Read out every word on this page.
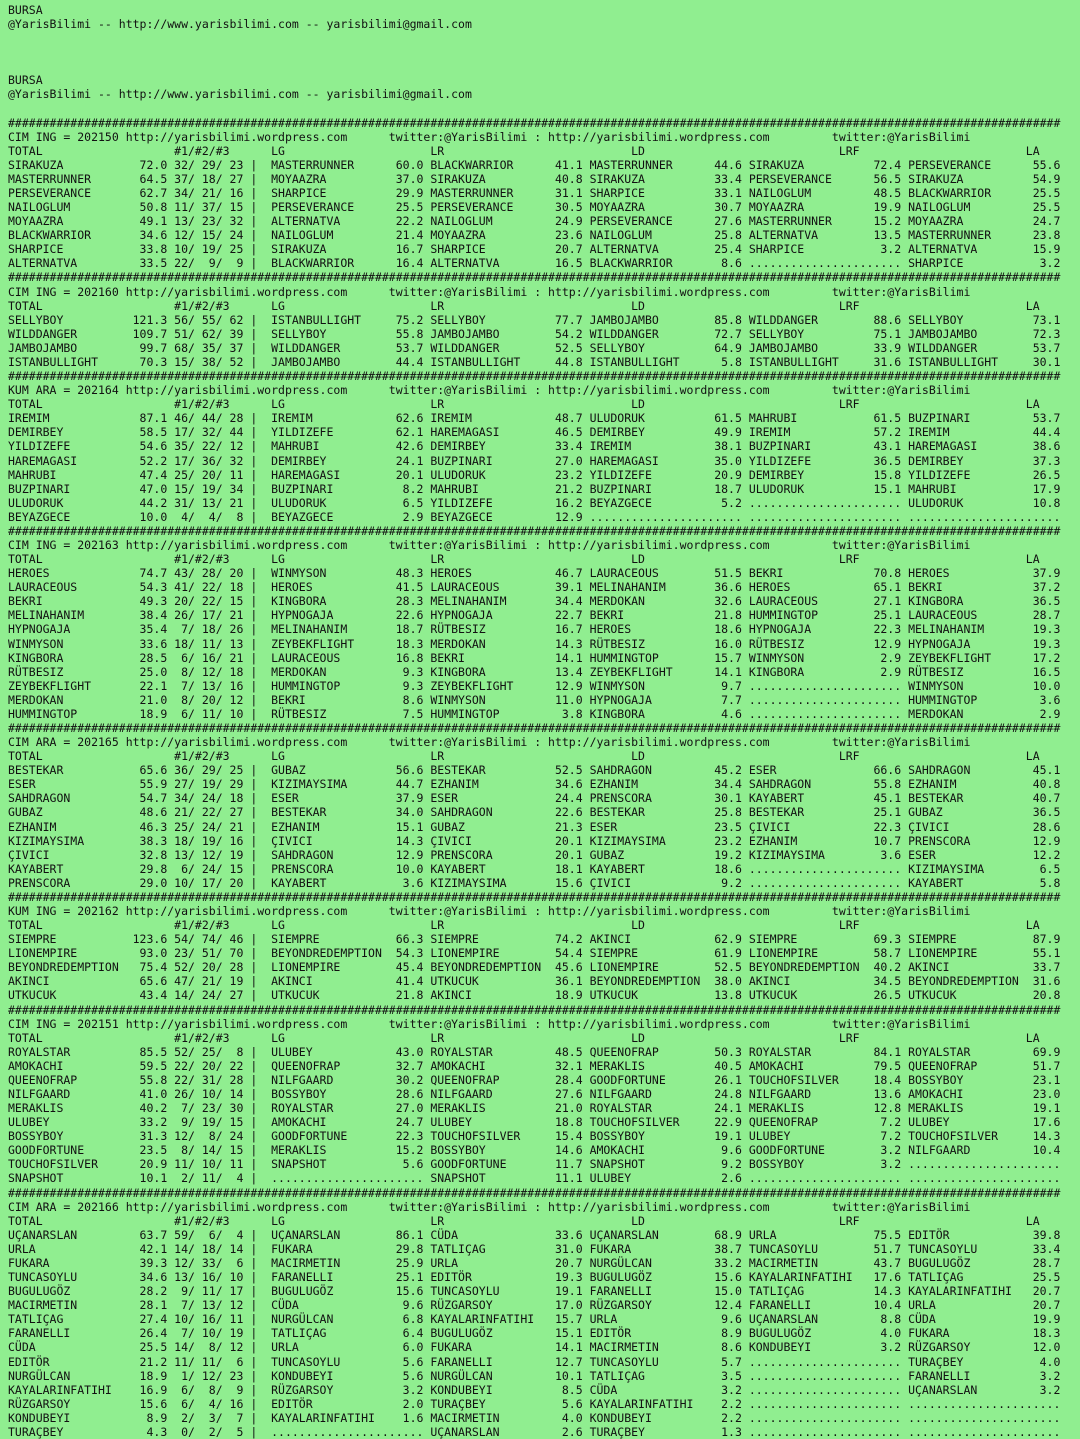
BURSA
@YarisBilimi -- http://www.yarisbilimi.com -- yarisbilimi@gmail.com
BURSA
@YarisBilimi -- http://www.yarisbilimi.com -- yarisbilimi@gmail.com
########################################################################################################################################################
CIM ING = 202150 http://yarisbilimi.wordpress.com      twitter:@YarisBilimi : http://yarisbilimi.wordpress.com         twitter:@YarisBilimi
TOTAL                   #1/#2/#3      LG                     LR                           LD                            LRF                        LA
SIRAKUZA           72.0 32/ 29/ 23 |  MASTERRUNNER      60.0 BLACKWARRIOR      41.1 MASTERRUNNER      44.6 SIRAKUZA          72.4 PERSEVERANCE      55.6
MASTERRUNNER       64.5 37/ 18/ 27 |  MOYAAZRA          37.0 SIRAKUZA          40.8 SIRAKUZA          33.4 PERSEVERANCE      56.5 SIRAKUZA          54.9
PERSEVERANCE       62.7 34/ 21/ 16 |  SHARPICE          29.9 MASTERRUNNER      31.1 SHARPICE          33.1 NAILOGLUM         48.5 BLACKWARRIOR      25.5
NAILOGLUM          50.8 11/ 37/ 15 |  PERSEVERANCE      25.5 PERSEVERANCE      30.5 MOYAAZRA          30.7 MOYAAZRA          19.9 NAILOGLUM         25.5
MOYAAZRA           49.1 13/ 23/ 32 |  ALTERNATVA        22.2 NAILOGLUM         24.9 PERSEVERANCE      27.6 MASTERRUNNER      15.2 MOYAAZRA          24.7
BLACKWARRIOR       34.6 12/ 15/ 24 |  NAILOGLUM         21.4 MOYAAZRA          23.6 NAILOGLUM         25.8 ALTERNATVA        13.5 MASTERRUNNER      23.8
SHARPICE           33.8 10/ 19/ 25 |  SIRAKUZA          16.7 SHARPICE          20.7 ALTERNATVA        25.4 SHARPICE           3.2 ALTERNATVA        15.9
ALTERNATVA         33.5 22/  9/  9 |  BLACKWARRIOR      16.4 ALTERNATVA        16.5 BLACKWARRIOR       8.6 ...................... SHARPICE           3.2
########################################################################################################################################################
CIM ING = 202160 http://yarisbilimi.wordpress.com      twitter:@YarisBilimi : http://yarisbilimi.wordpress.com         twitter:@YarisBilimi
TOTAL                   #1/#2/#3      LG                     LR                           LD                            LRF                        LA
SELLYBOY          121.3 56/ 55/ 62 |  ISTANBULLIGHT     75.2 SELLYBOY          77.7 JAMBOJAMBO        85.8 WILDDANGER        88.6 SELLYBOY          73.1
WILDDANGER        109.7 51/ 62/ 39 |  SELLYBOY          55.8 JAMBOJAMBO        54.2 WILDDANGER        72.7 SELLYBOY          75.1 JAMBOJAMBO        72.3
JAMBOJAMBO         99.7 68/ 35/ 37 |  WILDDANGER        53.7 WILDDANGER        52.5 SELLYBOY          64.9 JAMBOJAMBO        33.9 WILDDANGER        53.7
ISTANBULLIGHT      70.3 15/ 38/ 52 |  JAMBOJAMBO        44.4 ISTANBULLIGHT     44.8 ISTANBULLIGHT      5.8 ISTANBULLIGHT     31.6 ISTANBULLIGHT     30.1
########################################################################################################################################################
KUM ARA = 202164 http://yarisbilimi.wordpress.com      twitter:@YarisBilimi : http://yarisbilimi.wordpress.com         twitter:@YarisBilimi
TOTAL                   #1/#2/#3      LG                     LR                           LD                            LRF                        LA
IREMIM             87.1 46/ 44/ 28 |  IREMIM            62.6 IREMIM            48.7 ULUDORUK          61.5 MAHRUBI           61.5 BUZPINARI         53.7
DEMIRBEY           58.5 17/ 32/ 44 |  YILDIZEFE         62.1 HAREMAGASI        46.5 DEMIRBEY          49.9 IREMIM            57.2 IREMIM            44.4
YILDIZEFE          54.6 35/ 22/ 12 |  MAHRUBI           42.6 DEMIRBEY          33.4 IREMIM            38.1 BUZPINARI         43.1 HAREMAGASI        38.6
HAREMAGASI         52.2 17/ 36/ 32 |  DEMIRBEY          24.1 BUZPINARI         27.0 HAREMAGASI        35.0 YILDIZEFE         36.5 DEMIRBEY          37.3
MAHRUBI            47.4 25/ 20/ 11 |  HAREMAGASI        20.1 ULUDORUK          23.2 YILDIZEFE         20.9 DEMIRBEY          15.8 YILDIZEFE         26.5
BUZPINARI          47.0 15/ 19/ 34 |  BUZPINARI          8.2 MAHRUBI           21.2 BUZPINARI         18.7 ULUDORUK          15.1 MAHRUBI           17.9
ULUDORUK           44.2 31/ 13/ 21 |  ULUDORUK           6.5 YILDIZEFE         16.2 BEYAZGECE          5.2 ...................... ULUDORUK          10.8
BEYAZGECE          10.0  4/  4/  8 |  BEYAZGECE          2.9 BEYAZGECE         12.9 ...................... ...................... ......................
########################################################################################################################################################
CIM ING = 202163 http://yarisbilimi.wordpress.com      twitter:@YarisBilimi : http://yarisbilimi.wordpress.com         twitter:@YarisBilimi
TOTAL                   #1/#2/#3      LG                     LR                           LD                            LRF                        LA
HEROES             74.7 43/ 28/ 20 |  WINMYSON          48.3 HEROES            46.7 LAURACEOUS        51.5 BEKRI             70.8 HEROES            37.9
LAURACEOUS         54.3 41/ 22/ 18 |  HEROES            41.5 LAURACEOUS        39.1 MELINAHANIM       36.6 HEROES            65.1 BEKRI             37.2
BEKRI              49.3 20/ 22/ 15 |  KINGBORA          28.3 MELINAHANIM       34.4 MERDOKAN          32.6 LAURACEOUS        27.1 KINGBORA          36.5
MELINAHANIM        38.4 26/ 17/ 21 |  HYPNOGAJA         22.6 HYPNOGAJA         22.7 BEKRI             21.8 HUMMINGTOP        25.1 LAURACEOUS        28.7
HYPNOGAJA          35.4  7/ 18/ 26 |  MELINAHANIM       18.7 RÜTBESIZ          16.7 HEROES            18.6 HYPNOGAJA         22.3 MELINAHANIM       19.3
WINMYSON           33.6 18/ 11/ 13 |  ZEYBEKFLIGHT      18.3 MERDOKAN          14.3 RÜTBESIZ          16.0 RÜTBESIZ          12.9 HYPNOGAJA         19.3
KINGBORA           28.5  6/ 16/ 21 |  LAURACEOUS        16.8 BEKRI             14.1 HUMMINGTOP        15.7 WINMYSON           2.9 ZEYBEKFLIGHT      17.2
RÜTBESIZ           25.0  8/ 12/ 18 |  MERDOKAN           9.3 KINGBORA          13.4 ZEYBEKFLIGHT      14.1 KINGBORA           2.9 RÜTBESIZ          16.5
ZEYBEKFLIGHT       22.1  7/ 13/ 16 |  HUMMINGTOP         9.3 ZEYBEKFLIGHT      12.9 WINMYSON           9.7 ...................... WINMYSON          10.0
MERDOKAN           21.0  8/ 20/ 12 |  BEKRI              8.6 WINMYSON          11.0 HYPNOGAJA          7.7 ...................... HUMMINGTOP         3.6
HUMMINGTOP         18.9  6/ 11/ 10 |  RÜTBESIZ           7.5 HUMMINGTOP         3.8 KINGBORA           4.6 ...................... MERDOKAN           2.9
########################################################################################################################################################
CIM ARA = 202165 http://yarisbilimi.wordpress.com      twitter:@YarisBilimi : http://yarisbilimi.wordpress.com         twitter:@YarisBilimi
TOTAL                   #1/#2/#3      LG                     LR                           LD                            LRF                        LA
BESTEKAR           65.6 36/ 29/ 25 |  GUBAZ             56.6 BESTEKAR          52.5 SAHDRAGON         45.2 ESER              66.6 SAHDRAGON         45.1
ESER               55.9 27/ 19/ 29 |  KIZIMAYSIMA       44.7 EZHANIM           34.6 EZHANIM           34.4 SAHDRAGON         55.8 EZHANIM           40.8
SAHDRAGON          54.7 34/ 24/ 18 |  ESER              37.9 ESER              24.4 PRENSCORA         30.1 KAYABERT          45.1 BESTEKAR          40.7
GUBAZ              48.6 21/ 22/ 27 |  BESTEKAR          34.0 SAHDRAGON         22.6 BESTEKAR          25.8 BESTEKAR          25.1 GUBAZ             36.5
EZHANIM            46.3 25/ 24/ 21 |  EZHANIM           15.1 GUBAZ             21.3 ESER              23.5 ÇIVICI            22.3 ÇIVICI            28.6
KIZIMAYSIMA        38.3 18/ 19/ 16 |  ÇIVICI            14.3 ÇIVICI            20.1 KIZIMAYSIMA       23.2 EZHANIM           10.7 PRENSCORA         12.9
ÇIVICI             32.8 13/ 12/ 19 |  SAHDRAGON         12.9 PRENSCORA         20.1 GUBAZ             19.2 KIZIMAYSIMA        3.6 ESER              12.2
KAYABERT           29.8  6/ 24/ 15 |  PRENSCORA         10.0 KAYABERT          18.1 KAYABERT          18.6 ...................... KIZIMAYSIMA        6.5
PRENSCORA          29.0 10/ 17/ 20 |  KAYABERT           3.6 KIZIMAYSIMA       15.6 ÇIVICI             9.2 ...................... KAYABERT           5.8
########################################################################################################################################################
KUM ING = 202162 http://yarisbilimi.wordpress.com      twitter:@YarisBilimi : http://yarisbilimi.wordpress.com         twitter:@YarisBilimi
TOTAL                   #1/#2/#3      LG                     LR                           LD                            LRF                        LA
SIEMPRE           123.6 54/ 74/ 46 |  SIEMPRE           66.3 SIEMPRE           74.2 AKINCI            62.9 SIEMPRE           69.3 SIEMPRE           87.9
LIONEMPIRE         93.0 23/ 51/ 70 |  BEYONDREDEMPTION  54.3 LIONEMPIRE        54.4 SIEMPRE           61.9 LIONEMPIRE        58.7 LIONEMPIRE        55.1
BEYONDREDEMPTION   75.4 52/ 20/ 28 |  LIONEMPIRE        45.4 BEYONDREDEMPTION  45.6 LIONEMPIRE        52.5 BEYONDREDEMPTION  40.2 AKINCI            33.7
AKINCI             65.6 47/ 21/ 19 |  AKINCI            41.4 UTKUCUK           36.1 BEYONDREDEMPTION  38.0 AKINCI            34.5 BEYONDREDEMPTION  31.6
UTKUCUK            43.4 14/ 24/ 27 |  UTKUCUK           21.8 AKINCI            18.9 UTKUCUK           13.8 UTKUCUK           26.5 UTKUCUK           20.8
########################################################################################################################################################
CIM ING = 202151 http://yarisbilimi.wordpress.com      twitter:@YarisBilimi : http://yarisbilimi.wordpress.com         twitter:@YarisBilimi
TOTAL                   #1/#2/#3      LG                     LR                           LD                            LRF                        LA
ROYALSTAR          85.5 52/ 25/  8 |  ULUBEY            43.0 ROYALSTAR         48.5 QUEENOFRAP        50.3 ROYALSTAR         84.1 ROYALSTAR         69.9
AMOKACHI           59.5 22/ 20/ 22 |  QUEENOFRAP        32.7 AMOKACHI          32.1 MERAKLIS          40.5 AMOKACHI          79.5 QUEENOFRAP        51.7
QUEENOFRAP         55.8 22/ 31/ 28 |  NILFGAARD         30.2 QUEENOFRAP        28.4 GOODFORTUNE       26.1 TOUCHOFSILVER     18.4 BOSSYBOY          23.1
NILFGAARD          41.0 26/ 10/ 14 |  BOSSYBOY          28.6 NILFGAARD         27.6 NILFGAARD         24.8 NILFGAARD         13.6 AMOKACHI          23.0
MERAKLIS           40.2  7/ 23/ 30 |  ROYALSTAR         27.0 MERAKLIS          21.0 ROYALSTAR         24.1 MERAKLIS          12.8 MERAKLIS          19.1
ULUBEY             33.2  9/ 19/ 15 |  AMOKACHI          24.7 ULUBEY            18.8 TOUCHOFSILVER     22.9 QUEENOFRAP         7.2 ULUBEY            17.6
BOSSYBOY           31.3 12/  8/ 24 |  GOODFORTUNE       22.3 TOUCHOFSILVER     15.4 BOSSYBOY          19.1 ULUBEY             7.2 TOUCHOFSILVER     14.3
GOODFORTUNE        23.5  8/ 14/ 15 |  MERAKLIS          15.2 BOSSYBOY          14.6 AMOKACHI           9.6 GOODFORTUNE        3.2 NILFGAARD         10.4
TOUCHOFSILVER      20.9 11/ 10/ 11 |  SNAPSHOT           5.6 GOODFORTUNE       11.7 SNAPSHOT           9.2 BOSSYBOY           3.2 ......................
SNAPSHOT           10.1  2/ 11/  4 |  ...................... SNAPSHOT          11.1 ULUBEY             2.6 ...................... ......................
########################################################################################################################################################
CIM ARA = 202166 http://yarisbilimi.wordpress.com      twitter:@YarisBilimi : http://yarisbilimi.wordpress.com         twitter:@YarisBilimi
TOTAL                   #1/#2/#3      LG                     LR                           LD                            LRF                        LA
UÇANARSLAN         63.7 59/  6/  4 |  UÇANARSLAN        86.1 CÜDA              33.6 UÇANARSLAN        68.9 URLA              75.5 EDITÖR            39.8
URLA               42.1 14/ 18/ 14 |  FUKARA            29.8 TATLIÇAG          31.0 FUKARA            38.7 TUNCASOYLU        51.7 TUNCASOYLU        33.4
FUKARA             39.3 12/ 33/  6 |  MACIRMETIN        25.9 URLA              20.7 NURGÜLCAN         33.2 MACIRMETIN        43.7 BUGULUGÖZ         28.7
TUNCASOYLU         34.6 13/ 16/ 10 |  FARANELLI         25.1 EDITÖR            19.3 BUGULUGÖZ         15.6 KAYALARINFATIHI   17.6 TATLIÇAG          25.5
BUGULUGÖZ          28.2  9/ 11/ 17 |  BUGULUGÖZ         15.6 TUNCASOYLU        19.1 FARANELLI         15.0 TATLIÇAG          14.3 KAYALARINFATIHI   20.7
MACIRMETIN         28.1  7/ 13/ 12 |  CÜDA               9.6 RÜZGARSOY         17.0 RÜZGARSOY         12.4 FARANELLI         10.4 URLA              20.7
TATLIÇAG           27.4 10/ 16/ 11 |  NURGÜLCAN          6.8 KAYALARINFATIHI   15.7 URLA               9.6 UÇANARSLAN         8.8 CÜDA              19.9
FARANELLI          26.4  7/ 10/ 19 |  TATLIÇAG           6.4 BUGULUGÖZ         15.1 EDITÖR             8.9 BUGULUGÖZ          4.0 FUKARA            18.3
CÜDA               25.5 14/  8/ 12 |  URLA               6.0 FUKARA            14.1 MACIRMETIN         8.6 KONDUBEYI          3.2 RÜZGARSOY         12.0
EDITÖR             21.2 11/ 11/  6 |  TUNCASOYLU         5.6 FARANELLI         12.7 TUNCASOYLU         5.7 ...................... TURAÇBEY           4.0
NURGÜLCAN          18.9  1/ 12/ 23 |  KONDUBEYI          5.6 NURGÜLCAN         10.1 TATLIÇAG           3.5 ...................... FARANELLI          3.2
KAYALARINFATIHI    16.9  6/  8/  9 |  RÜZGARSOY          3.2 KONDUBEYI          8.5 CÜDA               3.2 ...................... UÇANARSLAN         3.2
RÜZGARSOY          15.6  6/  4/ 16 |  EDITÖR             2.0 TURAÇBEY           5.6 KAYALARINFATIHI    2.2 ...................... ......................
KONDUBEYI           8.9  2/  3/  7 |  KAYALARINFATIHI    1.6 MACIRMETIN         4.0 KONDUBEYI          2.2 ...................... ......................
TURAÇBEY            4.3  0/  2/  5 |  ...................... UÇANARSLAN         2.6 TURAÇBEY           1.3 ...................... ......................
